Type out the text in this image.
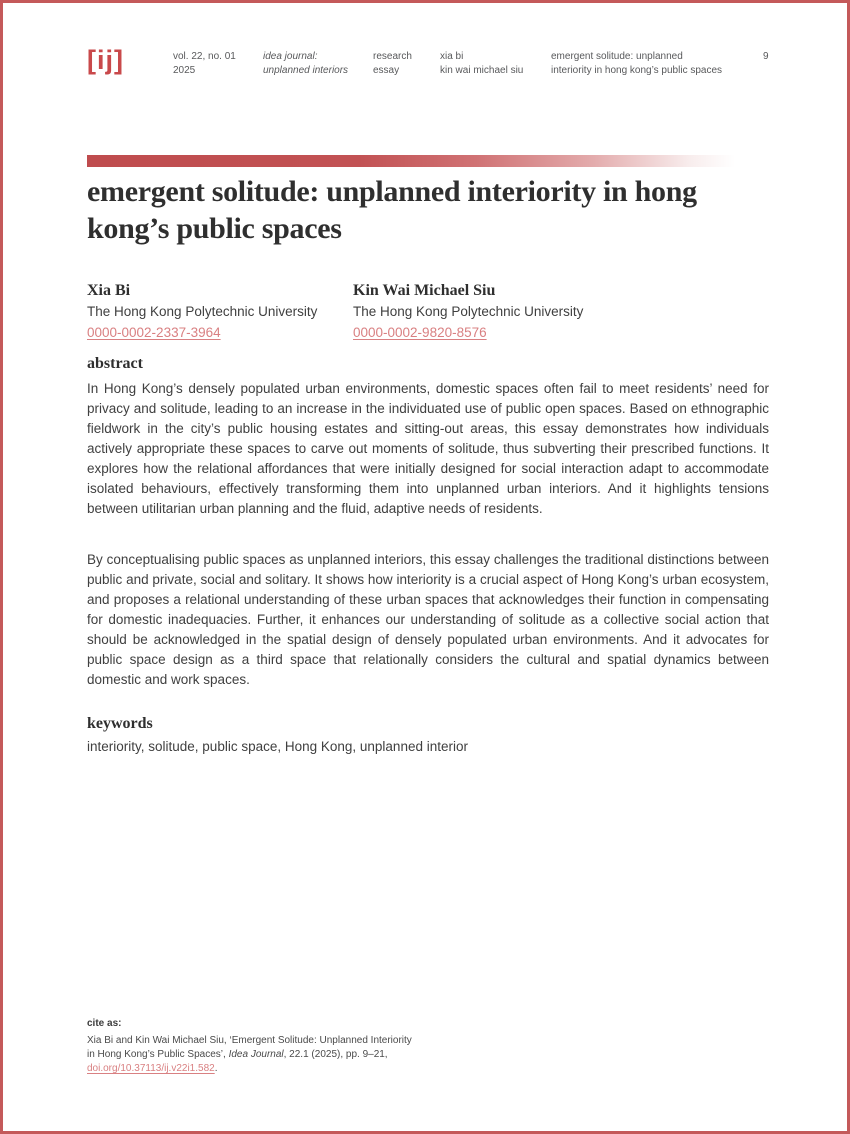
[ij]	vol. 22, no. 01
2025
idea journal:
unplanned interiors
research
essay
xia bi
kin wai michael siu
emergent solitude: unplanned
interiority in hong kong’s public spaces
9
emergent solitude: unplanned interiority in hong kong’s public spaces
Xia Bi
The Hong Kong Polytechnic University
0000-0002-2337-3964
Kin Wai Michael Siu
The Hong Kong Polytechnic University
0000-0002-9820-8576
abstract

In Hong Kong’s densely populated urban environments, domestic spaces often fail to meet residents’ need for privacy and solitude, leading to an increase in the individuated use of public open spaces. Based on ethnographic fieldwork in the city’s public housing estates and sitting-out areas, this essay demonstrates how individuals actively appropriate these spaces to carve out moments of solitude, thus subverting their prescribed functions. It explores how the relational affordances that were initially designed for social interaction adapt to accommodate isolated behaviours, effectively transforming them into unplanned urban interiors. And it highlights tensions between utilitarian urban planning and the fluid, adaptive needs of residents.

By conceptualising public spaces as unplanned interiors, this essay challenges the traditional distinctions between public and private, social and solitary. It shows how interiority is a crucial aspect of Hong Kong’s urban ecosystem, and proposes a relational understanding of these urban spaces that acknowledges their function in compensating for domestic inadequacies. Further, it enhances our understanding of solitude as a collective social action that should be acknowledged in the spatial design of densely populated urban environments. And it advocates for public space design as a third space that relationally considers the cultural and spatial dynamics between domestic and work spaces.

keywords
interiority, solitude, public space, Hong Kong, unplanned interior
cite as:
Xia Bi and Kin Wai Michael Siu, ‘Emergent Solitude: Unplanned Interiority
in Hong Kong’s Public Spaces’, Idea Journal, 22.1 (2025), pp. 9–21,
doi.org/10.37113/ij.v22i1.582.
